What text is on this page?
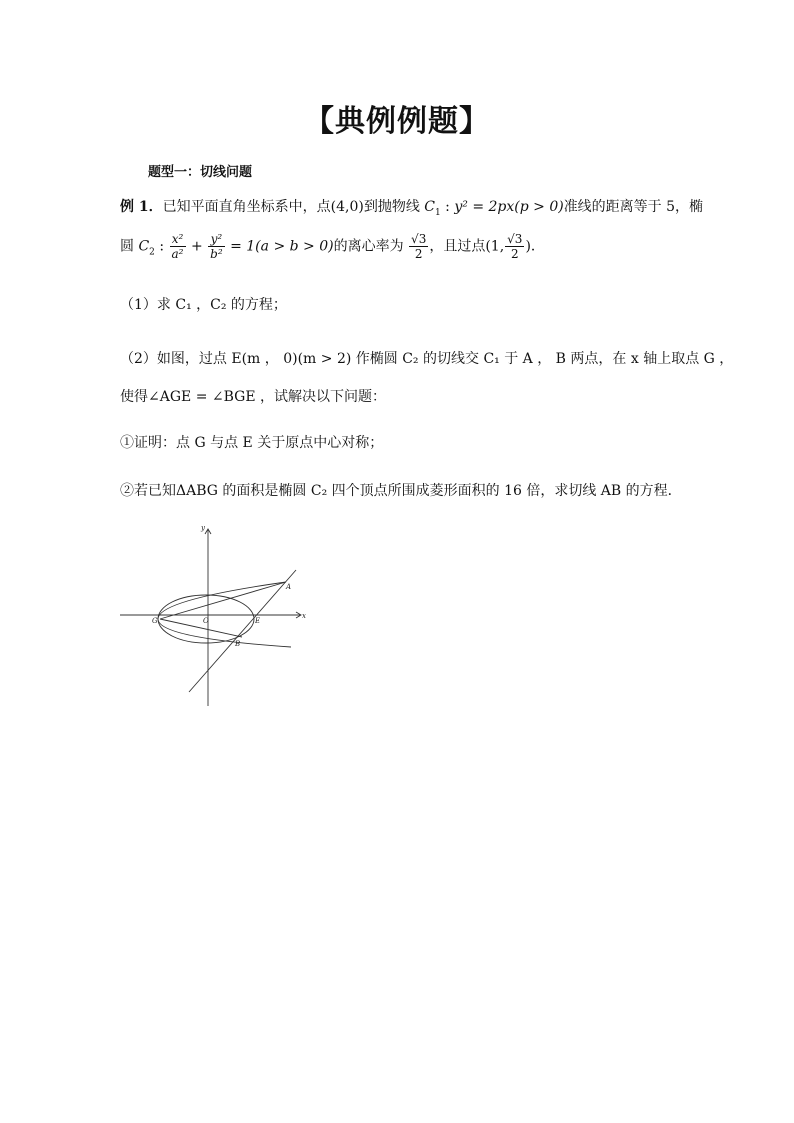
【典例例题】
题型一：切线问题
例 1．已知平面直角坐标系中，点(4,0)到抛物线 $C_1$ : y² = 2px(p > 0)准线的距离等于 5，椭
圆 $C_2$ : $\frac{\text{x²}}{\text{a²}} + \frac{\text{y²}}{\text{b²}} = 1(a > b > 0)$的离心率为 $\frac{√3}{2}$ ，且过点(1, $\frac{√3}{2}$ )．
（1）求 C₁ ，C₂ 的方程；
（2）如图，过点 E(m ， 0)(m > 2) 作椭圆 C₂ 的切线交 C₁ 于 A ， B 两点，在 x 轴上取点 G ，
使得∠AGE = ∠BGE ，试解决以下问题：
①证明：点 G 与点 E 关于原点中心对称；
②若已知ΔABG 的面积是椭圆 C₂ 四个顶点所围成菱形面积的 16 倍，求切线 AB 的方程．
y
x
A
B
G	O	E
